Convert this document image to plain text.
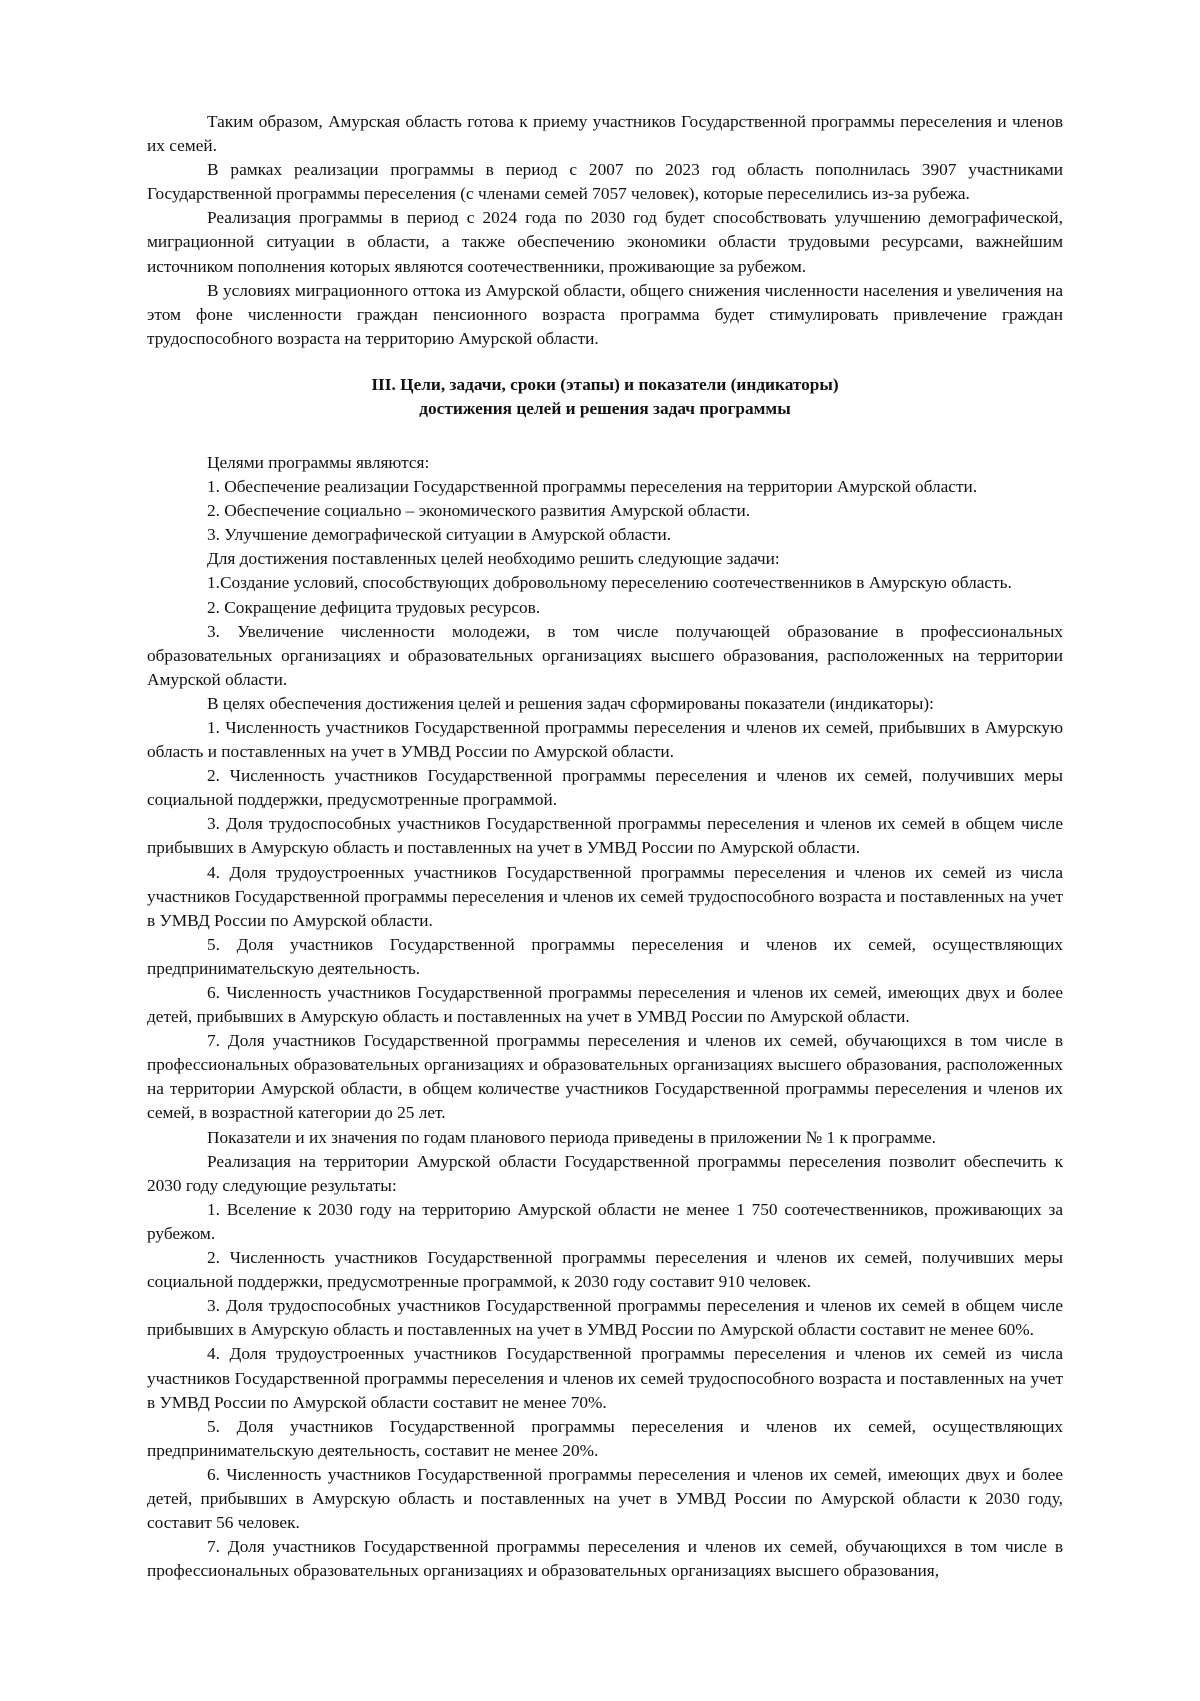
Таким образом, Амурская область готова к приему участников Государственной программы переселения и членов их семей.

В рамках реализации программы в период с 2007 по 2023 год область пополнилась 3907 участниками Государственной программы переселения (с членами семей 7057 человек), которые переселились из-за рубежа.

Реализация программы в период с 2024 года по 2030 год будет способствовать улучшению демографической, миграционной ситуации в области, а также обеспечению экономики области трудовыми ресурсами, важнейшим источником пополнения которых являются соотечественники, проживающие за рубежом.

В условиях миграционного оттока из Амурской области, общего снижения численности населения и увеличения на этом фоне численности граждан пенсионного возраста программа будет стимулировать привлечение граждан трудоспособного возраста на территорию Амурской области.

III. Цели, задачи, сроки (этапы) и показатели (индикаторы)
достижения целей и решения задач программы

Целями программы являются:

1. Обеспечение реализации Государственной программы переселения на территории Амурской области.

2. Обеспечение социально – экономического развития Амурской области.

3. Улучшение демографической ситуации в Амурской области.

Для достижения поставленных целей необходимо решить следующие задачи:

1.Создание условий, способствующих добровольному переселению соотечественников в Амурскую область.

2. Сокращение дефицита трудовых ресурсов.

3. Увеличение численности молодежи, в том числе получающей образование в профессиональных образовательных организациях и образовательных организациях высшего образования, расположенных на территории Амурской области.

В целях обеспечения достижения целей и решения задач сформированы показатели (индикаторы):

1. Численность участников Государственной программы переселения и членов их семей, прибывших в Амурскую область и поставленных на учет в УМВД России по Амурской области.

2. Численность участников Государственной программы переселения и членов их семей, получивших меры социальной поддержки, предусмотренные программой.

3. Доля трудоспособных участников Государственной программы переселения и членов их семей в общем числе прибывших в Амурскую область и поставленных на учет в УМВД России по Амурской области.

4. Доля трудоустроенных участников Государственной программы переселения и членов их семей из числа участников Государственной программы переселения и членов их семей трудоспособного возраста и поставленных на учет в УМВД России по Амурской области.

5. Доля участников Государственной программы переселения и членов их семей, осуществляющих предпринимательскую деятельность.

6. Численность участников Государственной программы переселения и членов их семей, имеющих двух и более детей, прибывших в Амурскую область и поставленных на учет в УМВД России по Амурской области.

7. Доля участников Государственной программы переселения и членов их семей, обучающихся в том числе в профессиональных образовательных организациях и образовательных организациях высшего образования, расположенных на территории Амурской области, в общем количестве участников Государственной программы переселения и членов их семей, в возрастной категории до 25 лет.

Показатели и их значения по годам планового периода приведены в приложении № 1 к программе.

Реализация на территории Амурской области Государственной программы переселения позволит обеспечить к 2030 году следующие результаты:

1. Вселение к 2030 году на территорию Амурской области не менее 1 750 соотечественников, проживающих за рубежом.

2. Численность участников Государственной программы переселения и членов их семей, получивших меры социальной поддержки, предусмотренные программой, к 2030 году составит 910 человек.

3. Доля трудоспособных участников Государственной программы переселения и членов их семей в общем числе прибывших в Амурскую область и поставленных на учет в УМВД России по Амурской области составит не менее 60%.

4. Доля трудоустроенных участников Государственной программы переселения и членов их семей из числа участников Государственной программы переселения и членов их семей трудоспособного возраста и поставленных на учет в УМВД России по Амурской области составит не менее 70%.

5. Доля участников Государственной программы переселения и членов их семей, осуществляющих предпринимательскую деятельность, составит не менее 20%.

6. Численность участников Государственной программы переселения и членов их семей, имеющих двух и более детей, прибывших в Амурскую область и поставленных на учет в УМВД России по Амурской области к 2030 году, составит 56 человек.

7. Доля участников Государственной программы переселения и членов их семей, обучающихся в том числе в профессиональных образовательных организациях и образовательных организациях высшего образования,
